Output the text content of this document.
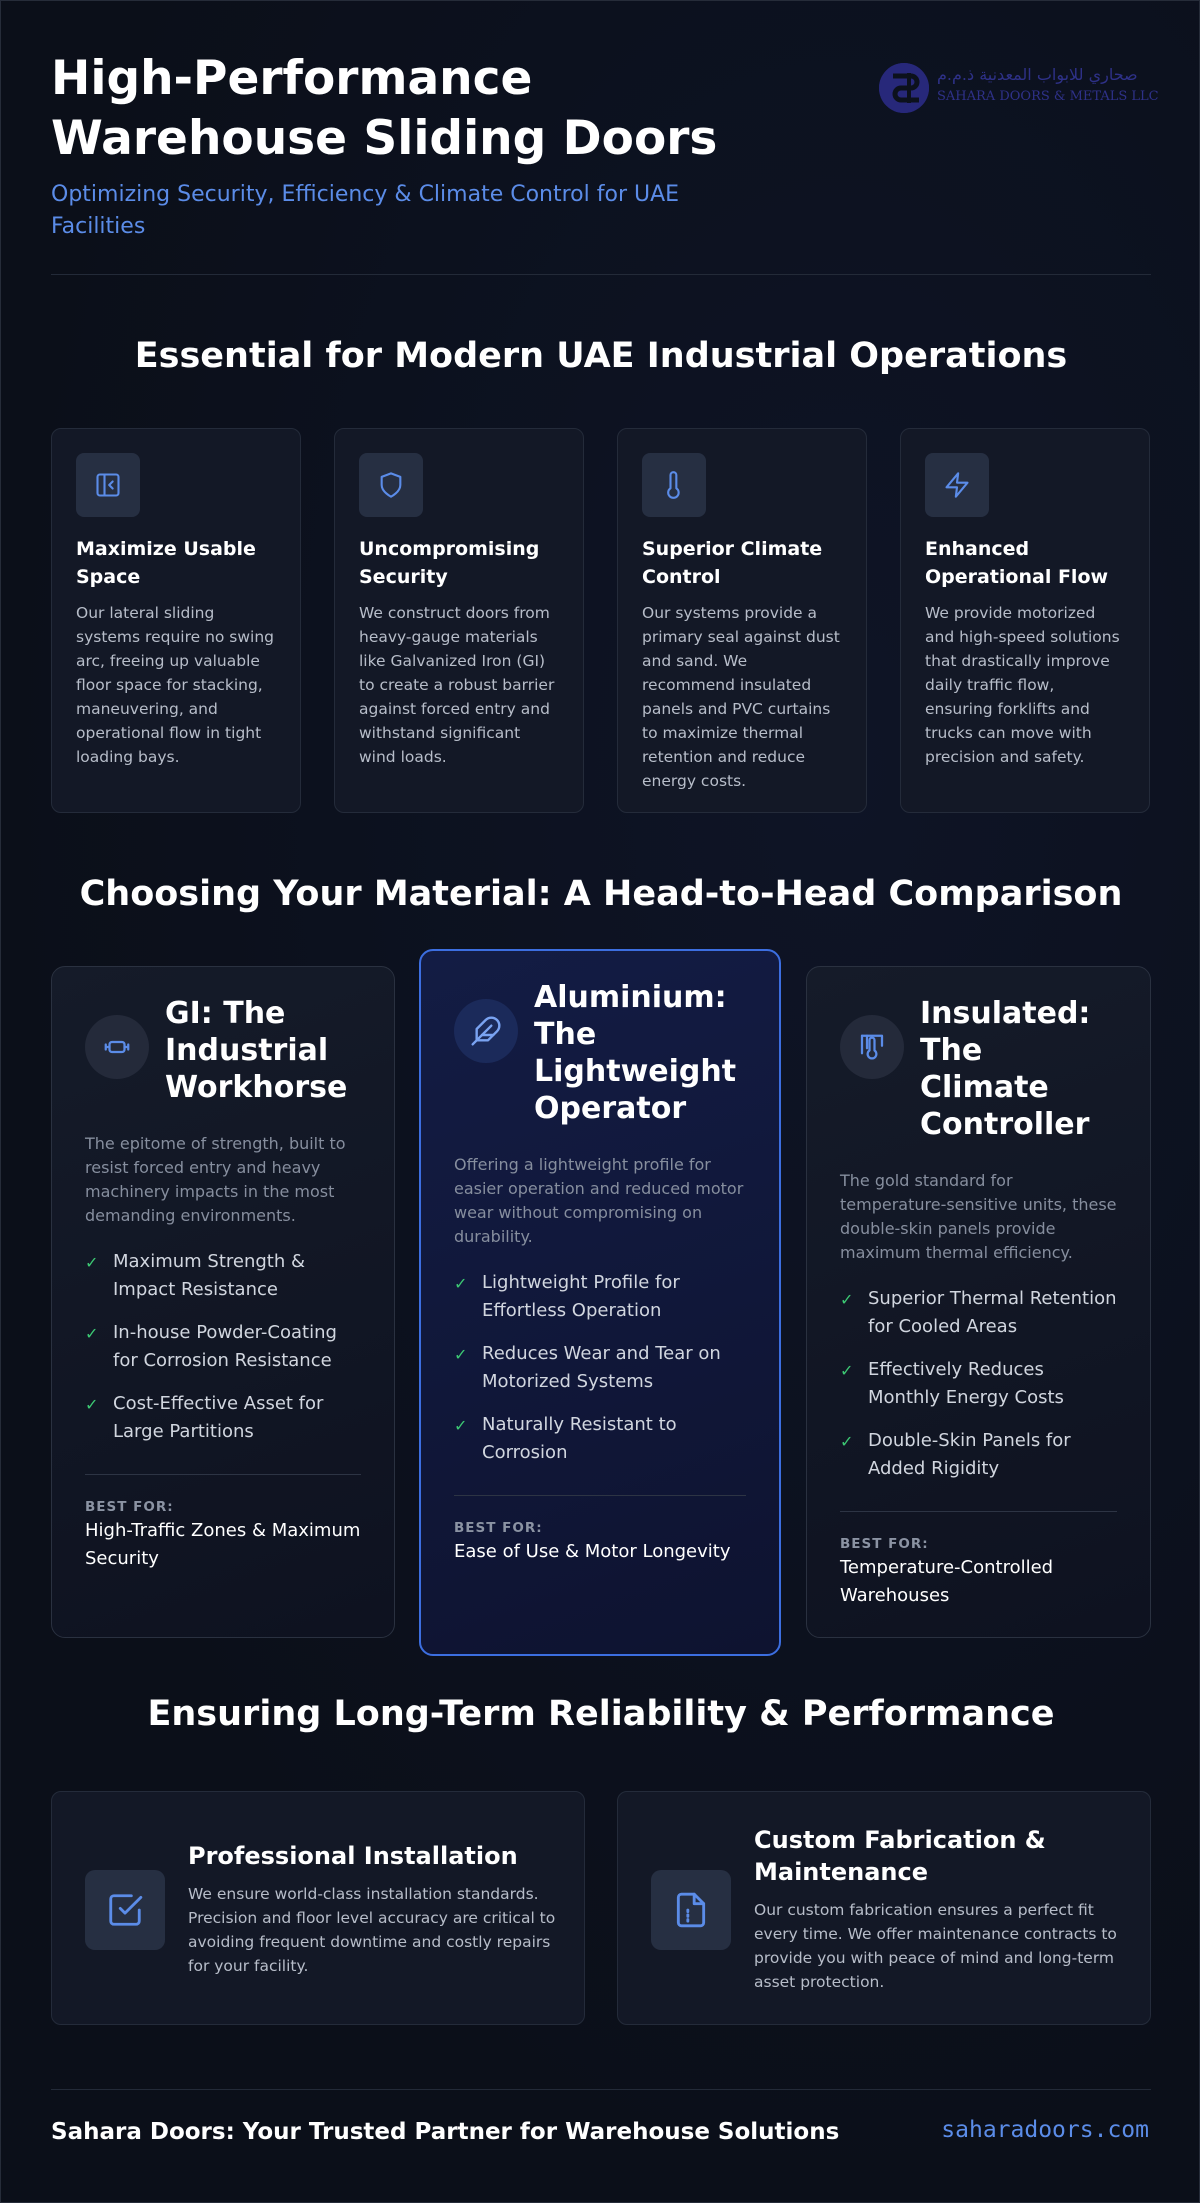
High-Performance Warehouse Sliding Doors
Optimizing Security, Efficiency & Climate Control for UAE Facilities
صحاري للابواب المعدنية ذ.م.م
SAHARA DOORS & METALS LLC
Essential for Modern UAE Industrial Operations
Maximize Usable Space
Our lateral sliding systems require no swing arc, freeing up valuable floor space for stacking, maneuvering, and operational flow in tight loading bays.
Uncompromising Security
We construct doors from heavy-gauge materials like Galvanized Iron (GI) to create a robust barrier against forced entry and withstand significant wind loads.
Superior Climate Control
Our systems provide a primary seal against dust and sand. We recommend insulated panels and PVC curtains to maximize thermal retention and reduce energy costs.
Enhanced Operational Flow
We provide motorized and high-speed solutions that drastically improve daily traffic flow, ensuring forklifts and trucks can move with precision and safety.
Choosing Your Material: A Head-to-Head Comparison
GI: The Industrial Workhorse
The epitome of strength, built to resist forced entry and heavy machinery impacts in the most demanding environments.
✓ Maximum Strength & Impact Resistance
✓ In-house Powder-Coating for Corrosion Resistance
✓ Cost-Effective Asset for Large Partitions
BEST FOR:
High-Traffic Zones & Maximum Security
Aluminium: The Lightweight Operator
Offering a lightweight profile for easier operation and reduced motor wear without compromising on durability.
✓ Lightweight Profile for Effortless Operation
✓ Reduces Wear and Tear on Motorized Systems
✓ Naturally Resistant to Corrosion
BEST FOR:
Ease of Use & Motor Longevity
Insulated: The Climate Controller
The gold standard for temperature-sensitive units, these double-skin panels provide maximum thermal efficiency.
✓ Superior Thermal Retention for Cooled Areas
✓ Effectively Reduces Monthly Energy Costs
✓ Double-Skin Panels for Added Rigidity
BEST FOR:
Temperature-Controlled Warehouses
Ensuring Long-Term Reliability & Performance
Professional Installation
We ensure world-class installation standards. Precision and floor level accuracy are critical to avoiding frequent downtime and costly repairs for your facility.
Custom Fabrication & Maintenance
Our custom fabrication ensures a perfect fit every time. We offer maintenance contracts to provide you with peace of mind and long-term asset protection.
Sahara Doors: Your Trusted Partner for Warehouse Solutions	saharadoors.com
